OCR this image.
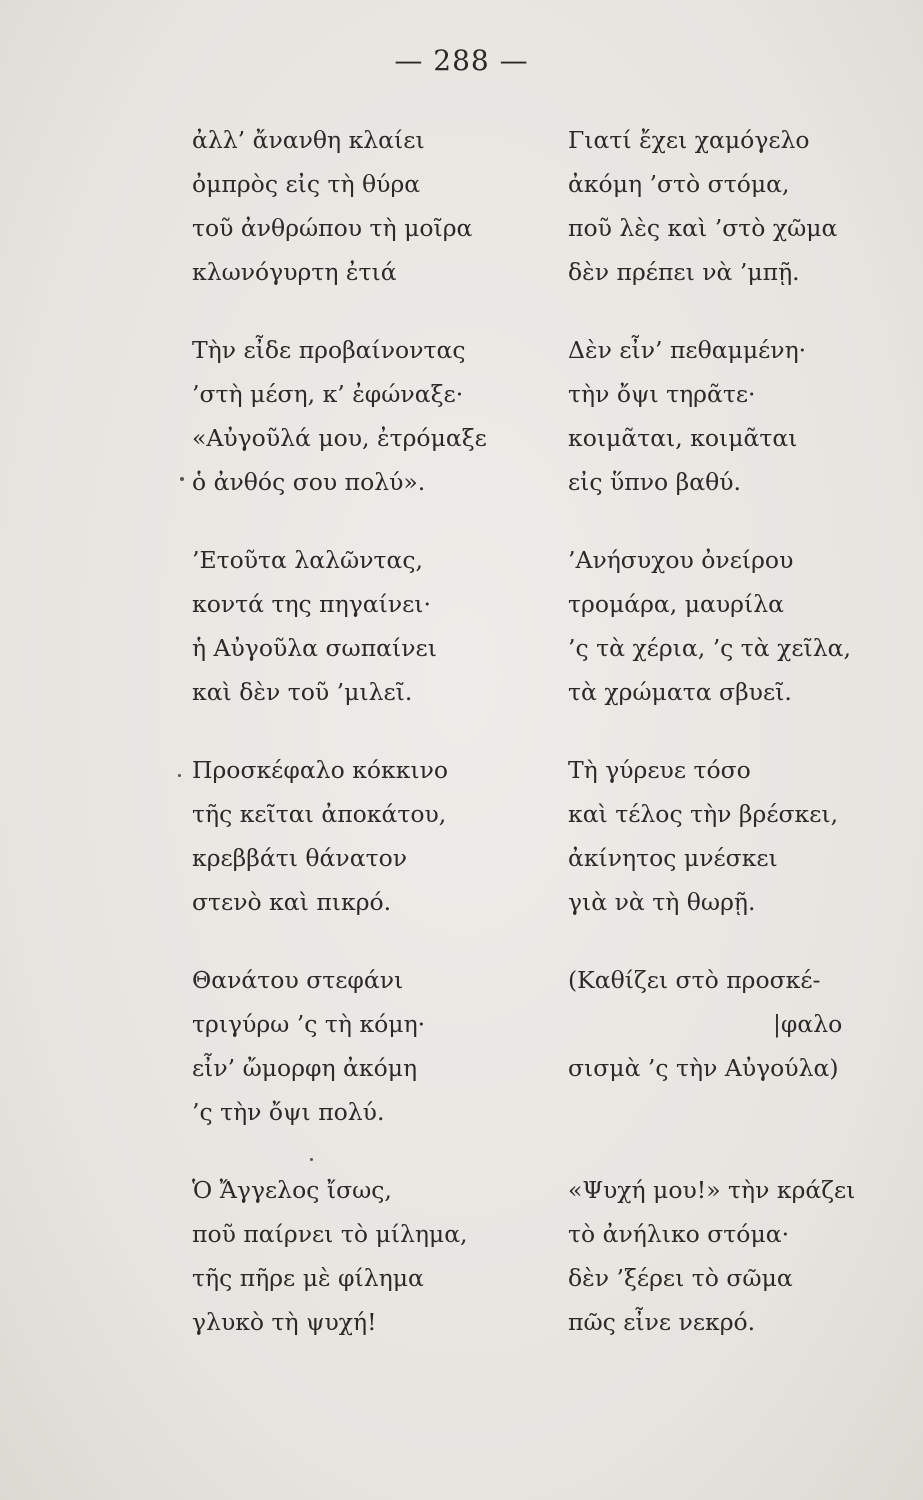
— 288 —
ἀλλ’ ἄνανθη κλαίει
ὀμπρὸς εἰς τὴ θύρα
τοῦ ἀνθρώπου τὴ μοῖρα
κλωνόγυρτη ἐτιά
Τὴν εἶδε προβαίνοντας
’στὴ μέση, κ’ ἐφώναξε·
«Αὐγοῦλά μου, ἐτρόμαξε
ὁ ἀνθός σου πολύ».
’Ετοῦτα λαλῶντας,
κοντά της πηγαίνει·
ἡ Αὐγοῦλα σωπαίνει
καὶ δὲν τοῦ ’μιλεῖ.
Προσκέφαλο κόκκινο
τῆς κεῖται ἀποκάτου,
κρεββάτι θάνατον
στενὸ καὶ πικρό.
Θανάτου στεφάνι
τριγύρω ’ς τὴ κόμη·
εἶν’ ὤμορφη ἀκόμη
’ς τὴν ὄψι πολύ.
Ὁ Ἄγγελος ἴσως,
ποῦ παίρνει τὸ μίλημα,
τῆς πῆρε μὲ φίλημα
γλυκὸ τὴ ψυχή!
Γιατί ἔχει χαμόγελο
ἀκόμη ’στὸ στόμα,
ποῦ λὲς καὶ ’στὸ χῶμα
δὲν πρέπει νὰ ’μπῇ.
Δὲν εἶν’ πεθαμμένη·
τὴν ὄψι τηρᾶτε·
κοιμᾶται, κοιμᾶται
εἰς ὕπνο βαθύ.
’Ανήσυχου ὀνείρου
τρομάρα, μαυρίλα
’ς τὰ χέρια, ’ς τὰ χεῖλα,
τὰ χρώματα σβυεῖ.
Τὴ γύρευε τόσο
καὶ τέλος τὴν βρέσκει,
ἀκίνητος μνέσκει
γιὰ νὰ τὴ θωρῇ.
(Καθίζει στὸ προσκέ-
|φαλο
σισμὰ ’ς τὴν Αὐγούλα)
«Ψυχή μου!» τὴν κράζει
τὸ ἀνήλικο στόμα·
δὲν ’ξέρει τὸ σῶμα
πῶς εἶνε νεκρό.
